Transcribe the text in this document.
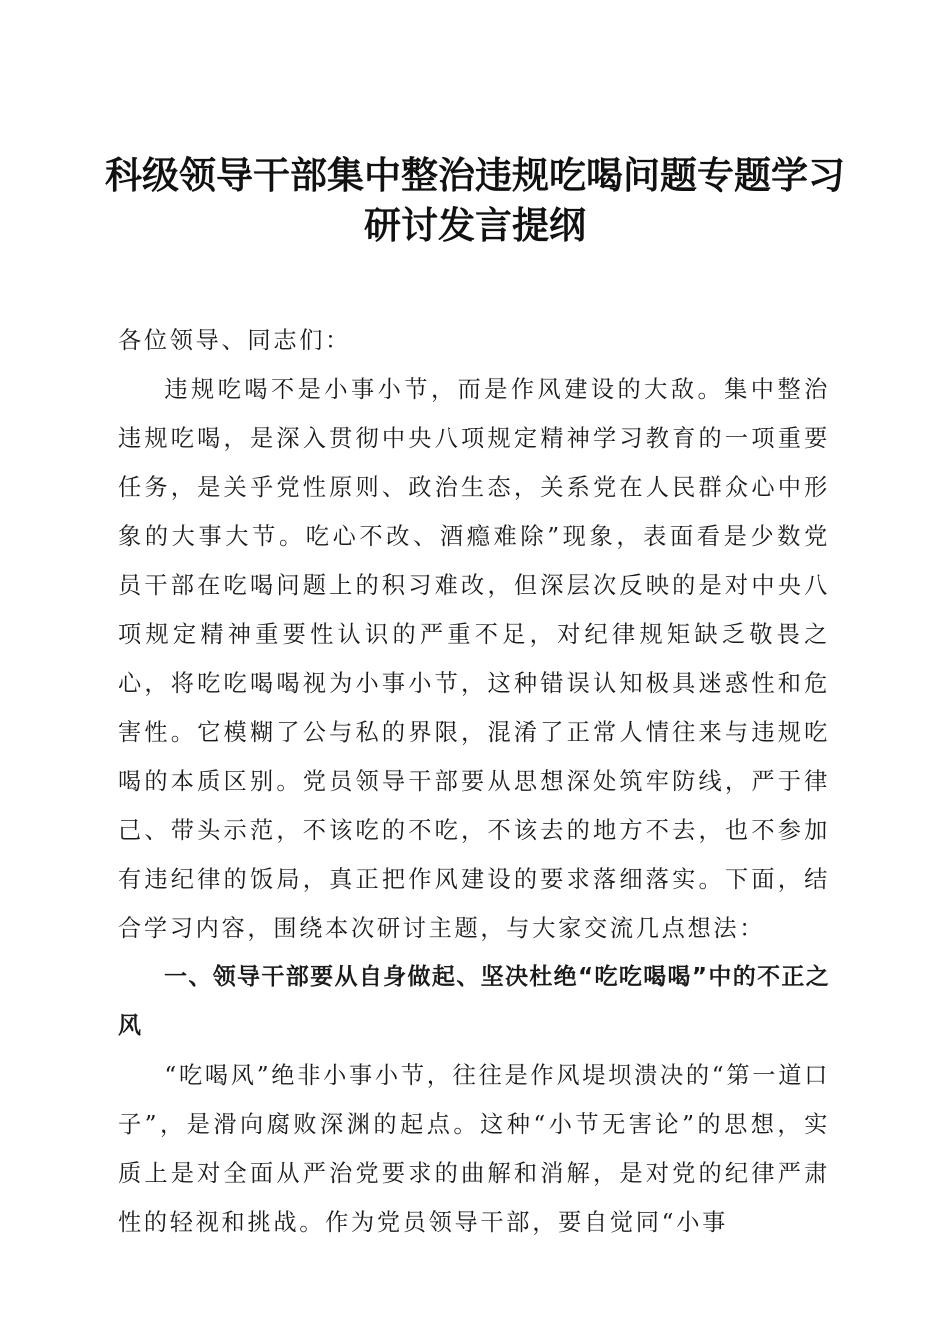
科级领导干部集中整治违规吃喝问题专题学习
研讨发言提纲

各位领导、同志们：

违规吃喝不是小事小节，而是作风建设的大敌。集中整治违规吃喝，是深入贯彻中央八项规定精神学习教育的一项重要任务，是关乎党性原则、政治生态，关系党在人民群众心中形象的大事大节。吃心不改、酒瘾难除”现象，表面看是少数党员干部在吃喝问题上的积习难改，但深层次反映的是对中央八项规定精神重要性认识的严重不足，对纪律规矩缺乏敬畏之心，将吃吃喝喝视为小事小节，这种错误认知极具迷惑性和危害性。它模糊了公与私的界限，混淆了正常人情往来与违规吃喝的本质区别。党员领导干部要从思想深处筑牢防线，严于律己、带头示范，不该吃的不吃，不该去的地方不去，也不参加有违纪律的饭局，真正把作风建设的要求落细落实。下面，结合学习内容，围绕本次研讨主题，与大家交流几点想法：

一、领导干部要从自身做起、坚决杜绝“吃吃喝喝”中的不正之风

“吃喝风”绝非小事小节，往往是作风堤坝溃决的“第一道口子”，是滑向腐败深渊的起点。这种“小节无害论”的思想，实质上是对全面从严治党要求的曲解和消解，是对党的纪律严肃性的轻视和挑战。作为党员领导干部，要自觉同“小事
